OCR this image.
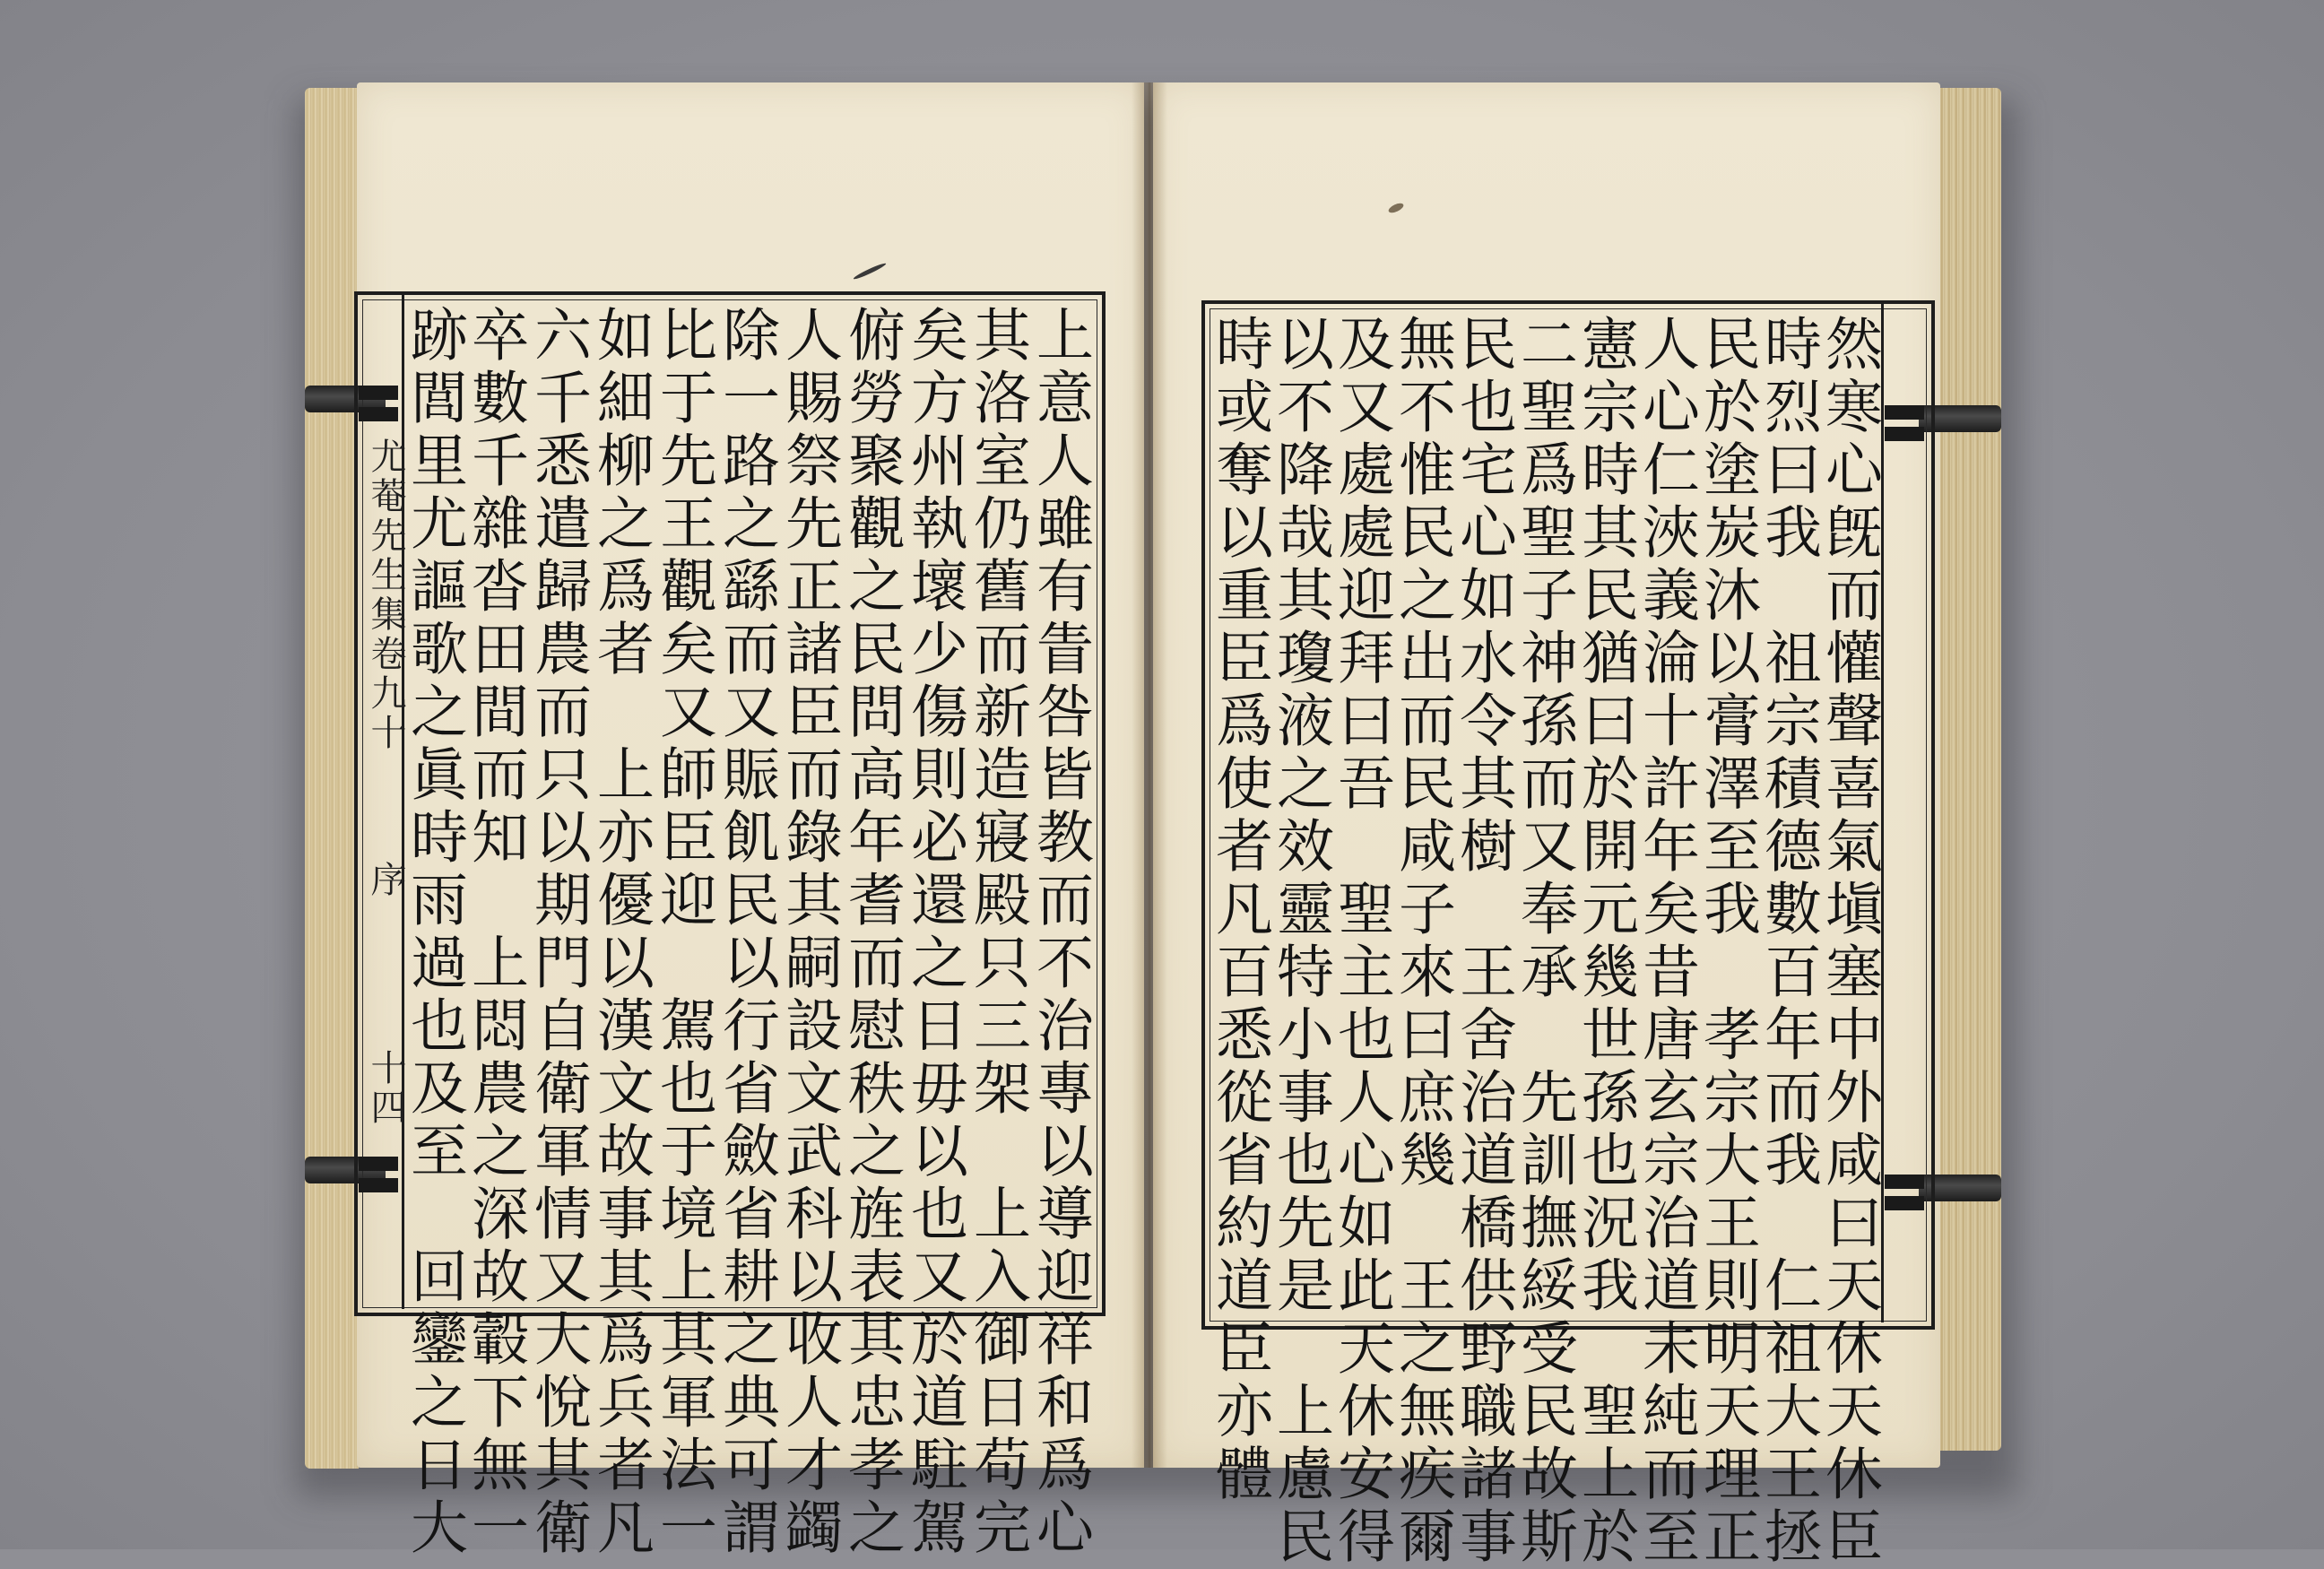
尤菴先生集卷九十
序
十四	上意人雖有眚咎皆教而不治專以導迎祥和爲心
其洛室仍舊而新造寢殿只三架　上入御日苟完
矣方州執壞少傷則必還之日毋以也又於道駐駕
俯勞聚觀之民問高年耆而慰秩之旌表其忠孝之
人賜祭先正諸臣而錄其嗣設文武科以收人才蠲
除一路之繇而又賑飢民以行省斂省耕之典可謂
比于先王觀矣又師臣迎　駕也于境上其軍法一
如細柳之爲者　上亦優以漢文故事其爲兵者凡
六千悉遣歸農而只以期門自衛軍情又大悅其衛
卒數千雜沓田間而知　上悶農之深故轂下無一
跡閭里尤謳歌之眞時雨過也及至　回鑾之日大	然寒心旣而懽聲喜氣塡塞中外咸曰天休天休臣
時烈曰我　祖宗積德數百年而我　仁祖大王拯
民於塗炭沐以膏澤至我　孝宗大王則明天理正
人心仁浹義淪十許年矣昔唐玄宗治道未純而至
憲宗時其民猶曰於開元幾世孫也況我　聖上於
二聖爲聖子神孫而又奉承　先訓撫綏受民故斯
民也宅心如水令其樹　王舍治道橋供野職諸事
無不惟民之出而民咸子來曰庶幾　王之無疾爾
及又處處迎拜曰吾　聖主也人心如此天休安得
以不降哉其瓊液之效靈特小事也先是　上慮民
時或奪以重臣爲使者凡百悉從省約道臣亦體
